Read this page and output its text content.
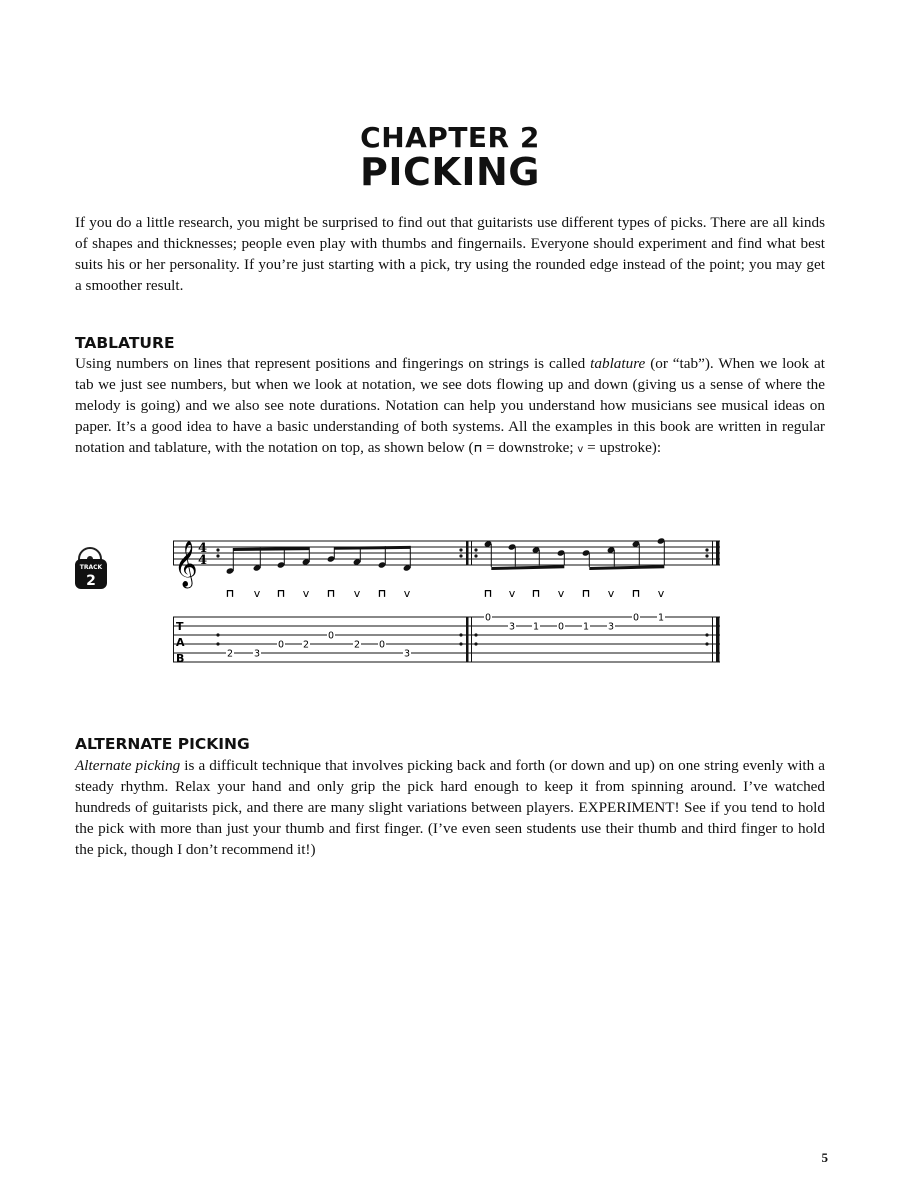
CHAPTER 2
PICKING

If you do a little research, you might be surprised to find out that guitarists use different types of picks. There are all kinds of shapes and thicknesses; people even play with thumbs and fingernails. Everyone should experiment and find what best suits his or her personality. If you’re just starting with a pick, try using the rounded edge instead of the point; you may get a smoother result.

TABLATURE

Using numbers on lines that represent positions and fingerings on strings is called tablature (or “tab”). When we look at tab we just see numbers, but when we look at notation, we see dots flowing up and down (giving us a sense of where the melody is going) and we also see note durations. Notation can help you understand how musicians see musical ideas on paper. It’s a good idea to have a basic understanding of both systems. All the examples in this book are written in regular notation and tablature, with the notation on top, as shown below (⊓ = downstroke; v = upstroke):

TRACK
2 𝄞 4
4
⊓ v ⊓ v ⊓ v ⊓ v	⊓ v ⊓ v ⊓ v ⊓ v
T
A
B	2 3
0 2
0
2 0
3
0
3 1 0 1 3
0 1
ALTERNATE PICKING

Alternate picking is a difficult technique that involves picking back and forth (or down and up) on one string evenly with a steady rhythm. Relax your hand and only grip the pick hard enough to keep it from spinning around. I’ve watched hundreds of guitarists pick, and there are many slight variations between players. EXPERIMENT! See if you tend to hold the pick with more than just your thumb and first finger. (I’ve even seen students use their thumb and third finger to hold the pick, though I don’t recommend it!)

5
